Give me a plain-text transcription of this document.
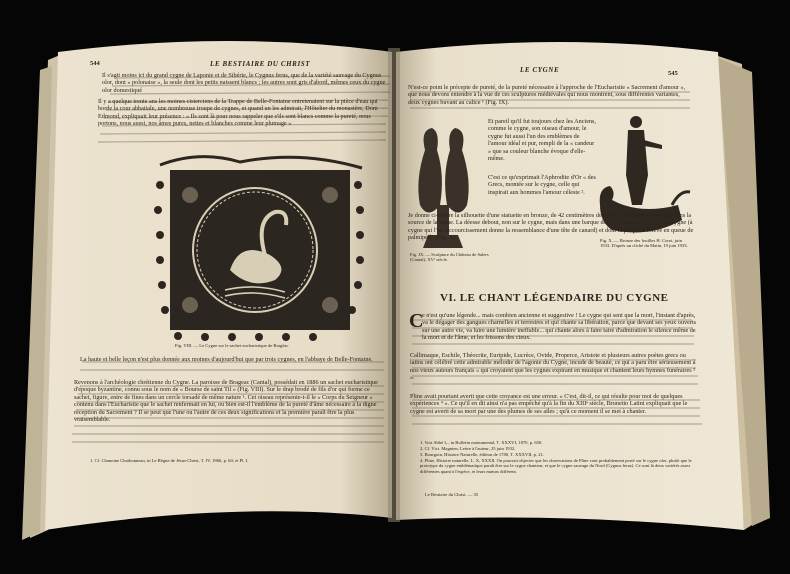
544	LE BESTIAIRE DU CHRIST
Il s'agit moins ici du grand cygne de Laponie et de Sibérie, le Cygnus ferus, que de la variété sauvage du Cygnus olor, dont « polonaise », la seule dont les petits naissent blancs ; les autres sont gris d'abord, mêmes ceux du cygne olor domestiqué
Il y a quelque trente ans les moines cisterciens de la Trappe de Belle-Fontaine entretenaient sur la pièce d'eau qui borde la cour abbatiale, une nombreuse troupe de cygnes, et quand un les admirait, l'Hôtelier du monastère, Dom Edmond, expliquait leur présence : « Ils sont là pour nous rappeler que s'ils sont blancs comme la pureté, nous portons, nous aussi, nos âmes pures, nettes et blanches comme leur plumage »
Fig. VIII. — Le Cygne sur le sachet eucharistique de Bragéac
La haute et belle leçon n'est plus donnée aux moines d'aujourd'hui que par trois cygnes, en l'abbaye de Belle-Fontaine.
Revenons à l'archéologie chrétienne du Cygne. La paroisse de Brageac (Cantal), possédait en 1886 un sachet eucharistique d'époque byzantine, connu sous le nom de « Bourse de saint Til » (Fig. VIII). Sur le drap brodé de fils d'or qui forme ce sachet, figure, entre de fines dans un cercle torsadé de même nature ¹. Cet oiseau représente-t-il le « Corps du Seigneur » contenu dans l'Eucharistie que le sachet renfermait en lui, ou bien est-il l'emblème de la pureté d'âme nécessaire à la digne réception du Sacrement ? Il se peut que l'une ou l'autre de ces deux significations et la première paraît être la plus vraisemblable.
1. Cf. Chanoine Charbonneau, in Le Règne de Jésus-Christ, T. IV, 1866, p. 60, et Pl. I.
LE CYGNE	545
N'est-ce point le précepte de pureté, de la pureté nécessaire à l'approche de l'Eucharistie « Sacrement d'amour », que nous devons entendre à la vue de ces sculptures médiévales qui nous montrent, sous différentes variantes, deux cygnes buvant au calice ¹ (Fig. IX).
Et pareil qu'il fut toujours chez les Anciens, comme le cygne, son oiseau d'amour, le cygne fut aussi l'un des emblèmes de l'amour idéal et pur, rempli de la « candeur » que sa couleur blanche évoque d'elle-même.
C'est ce qu'exprimait l'Aphrodite d'Or « des Grecs, montée sur le cygne, celle qui inspirait aux hommes l'amour céleste ².
Je donne ci-contre la silhouette d'une statuette en bronze, de 42 centimètres de hauteur, trouvée récemment dans la source de la Seine. La déesse debout, non sur le cygne, mais dans une barque dont la proue est une tête de cygne (à cygne qui l'un raccourcissement donne la ressemblance d'une tête de canard) et dont la poupe se relève en queue de palmipède (Fig. X).
Fig. IX. — Sculpture du Château de Salers (Cantal), XVᵉ siècle.
Fig. X. — Bronze des fouilles H. Corot, juin 1933. D'après un cliché du Matin, 19 juin 1933.
VI. LE CHANT LÉGENDAIRE DU CYGNE
C
e n'est qu'une légende... mais combien ancienne et suggestive ! Le cygne qui sent que la mort, l'instant d'après, va le dégager des gangues charnelles et terrestres et qui chante sa libération, parce que devant ses yeux ouverts sur une autre vie, va luire une lumière ineffable... qui chante alors à faire taire d'admiration le silence même de la mort et de l'âme, et les frissons des cieux.
Callimaque, Eschile, Théocrite, Euripide, Lucrèce, Ovide, Properce, Aristote et plusieurs autres poètes grecs ou latins ont célébré cette admirable mélodie de l'agonie du Cygne, incude de beauté, ce qui a paru être sérieusement à nos vieux auteurs français « qui croyaient que les cygnes expirant en musique et chantent leurs hymnes funéraires ³ ».
Pline avait pourtant averti que cette croyance est une erreur. « C'est, dit-il, ce qui résulte pour moi de quelques expériences ⁴ ». Ce qu'il en dit ainsi n'a pas empêché qu'à la fin du XIIIᵉ siècle, Brunetto Latini expliquait que le cygne est averti de sa mort par une des plumes de ses ailes ; qu'à ce moment il se met à chanter.
1. Voir Abbé L., in Bulletin monumental, T. XXXVI, 1870, p. 650.
2. Cf. Vict. Magnien, Lettre à l'auteur, 25 juin 1932.
3. Bourgoin, Histoire Naturelle, édition de 1780, T. XXXVII, p. 21.
4. Pline, Histoire naturelle, L. X, XXXII. On pourrait objecter que les observations de Pline vont probablement porté sur le cygne olor, plutôt que le prototype du cygne emblématique paraît être sur le cygne chanteur, et que le cygne sauvage du Nord (Cygnus ferus). Ce sont là deux variétés assez différentes quant à l'espèce, et leurs mœurs différent.
Le Bestiaire du Christ. — 35
